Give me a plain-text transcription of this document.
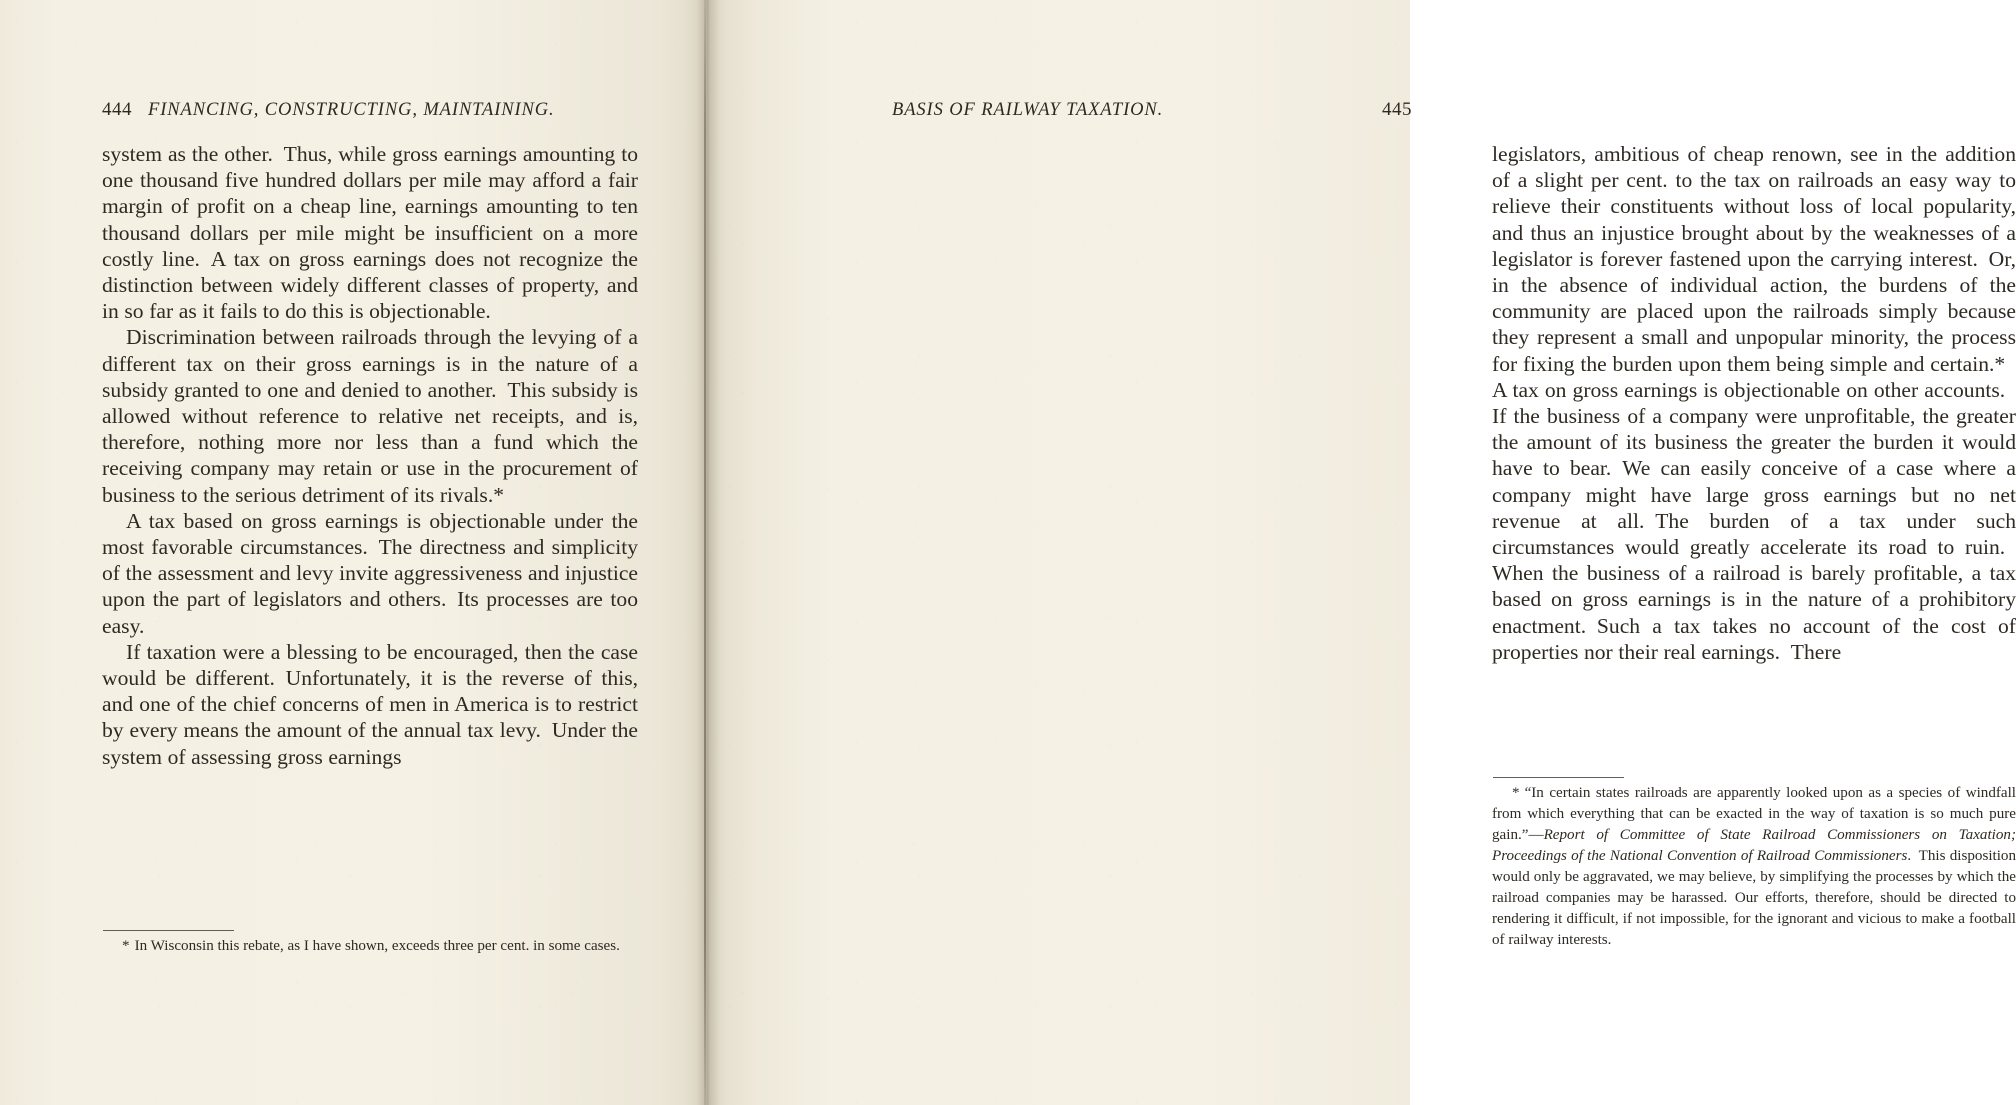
444 FINANCING, CONSTRUCTING, MAINTAINING.

system as the other. Thus, while gross earnings amounting to one thousand five hundred dollars per mile may afford a fair margin of profit on a cheap line, earnings amounting to ten thousand dollars per mile might be insufficient on a more costly line. A tax on gross earnings does not recognize the distinction between widely different classes of property, and in so far as it fails to do this is objectionable.

Discrimination between railroads through the levying of a different tax on their gross earnings is in the nature of a subsidy granted to one and denied to another. This subsidy is allowed without reference to relative net receipts, and is, therefore, nothing more nor less than a fund which the receiving company may retain or use in the procurement of business to the serious detriment of its rivals.*

A tax based on gross earnings is objectionable under the most favorable circumstances. The directness and simplicity of the assessment and levy invite aggressiveness and injustice upon the part of legislators and others. Its processes are too easy.

If taxation were a blessing to be encouraged, then the case would be different. Unfortunately, it is the reverse of this, and one of the chief concerns of men in America is to restrict by every means the amount of the annual tax levy. Under the system of assessing gross earnings

* In Wisconsin this rebate, as I have shown, exceeds three per cent. in some cases.

BASIS OF RAILWAY TAXATION.	445

legislators, ambitious of cheap renown, see in the addition of a slight per cent. to the tax on railroads an easy way to relieve their constituents without loss of local popularity, and thus an injustice brought about by the weaknesses of a legislator is forever fastened upon the carrying interest. Or, in the absence of individual action, the burdens of the community are placed upon the railroads simply because they represent a small and unpopular minority, the process for fixing the burden upon them being simple and certain.* A tax on gross earnings is objectionable on other accounts. If the business of a company were unprofitable, the greater the amount of its business the greater the burden it would have to bear. We can easily conceive of a case where a company might have large gross earnings but no net revenue at all. The burden of a tax under such circumstances would greatly accelerate its road to ruin. When the business of a railroad is barely profitable, a tax based on gross earnings is in the nature of a prohibitory enactment. Such a tax takes no account of the cost of properties nor their real earnings. There

* “In certain states railroads are apparently looked upon as a species of windfall from which everything that can be exacted in the way of taxation is so much pure gain.”—Report of Committee of State Railroad Commissioners on Taxation; Proceedings of the National Convention of Railroad Commissioners. This disposition would only be aggravated, we may believe, by simplifying the processes by which the railroad companies may be harassed. Our efforts, therefore, should be directed to rendering it difficult, if not impossible, for the ignorant and vicious to make a football of railway interests.
